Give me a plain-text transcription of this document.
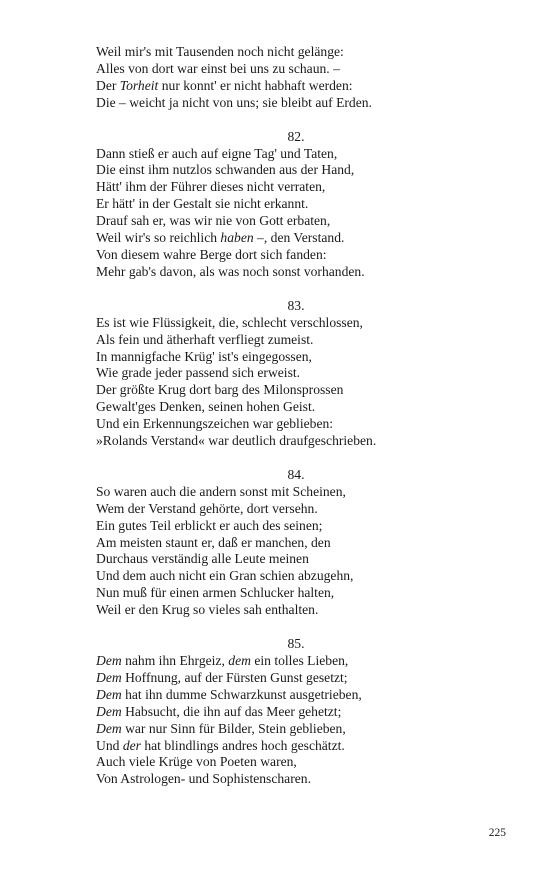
Weil mir's mit Tausenden noch nicht gelänge:
Alles von dort war einst bei uns zu schaun. –
Der Torheit nur konnt' er nicht habhaft werden:
Die – weicht ja nicht von uns; sie bleibt auf Erden.
82.
Dann stieß er auch auf eigne Tag' und Taten,
Die einst ihm nutzlos schwanden aus der Hand,
Hätt' ihm der Führer dieses nicht verraten,
Er hätt' in der Gestalt sie nicht erkannt.
Drauf sah er, was wir nie von Gott erbaten,
Weil wir's so reichlich haben –, den Verstand.
Von diesem wahre Berge dort sich fanden:
Mehr gab's davon, als was noch sonst vorhanden.
83.
Es ist wie Flüssigkeit, die, schlecht verschlossen,
Als fein und ätherhaft verfliegt zumeist.
In mannigfache Krüg' ist's eingegossen,
Wie grade jeder passend sich erweist.
Der größte Krug dort barg des Milonsprossen
Gewalt'ges Denken, seinen hohen Geist.
Und ein Erkennungszeichen war geblieben:
»Rolands Verstand« war deutlich draufgeschrieben.
84.
So waren auch die andern sonst mit Scheinen,
Wem der Verstand gehörte, dort versehn.
Ein gutes Teil erblickt er auch des seinen;
Am meisten staunt er, daß er manchen, den
Durchaus verständig alle Leute meinen
Und dem auch nicht ein Gran schien abzugehn,
Nun muß für einen armen Schlucker halten,
Weil er den Krug so vieles sah enthalten.
85.
Dem nahm ihn Ehrgeiz, dem ein tolles Lieben,
Dem Hoffnung, auf der Fürsten Gunst gesetzt;
Dem hat ihn dumme Schwarzkunst ausgetrieben,
Dem Habsucht, die ihn auf das Meer gehetzt;
Dem war nur Sinn für Bilder, Stein geblieben,
Und der hat blindlings andres hoch geschätzt.
Auch viele Krüge von Poeten waren,
Von Astrologen- und Sophistenscharen.
225
